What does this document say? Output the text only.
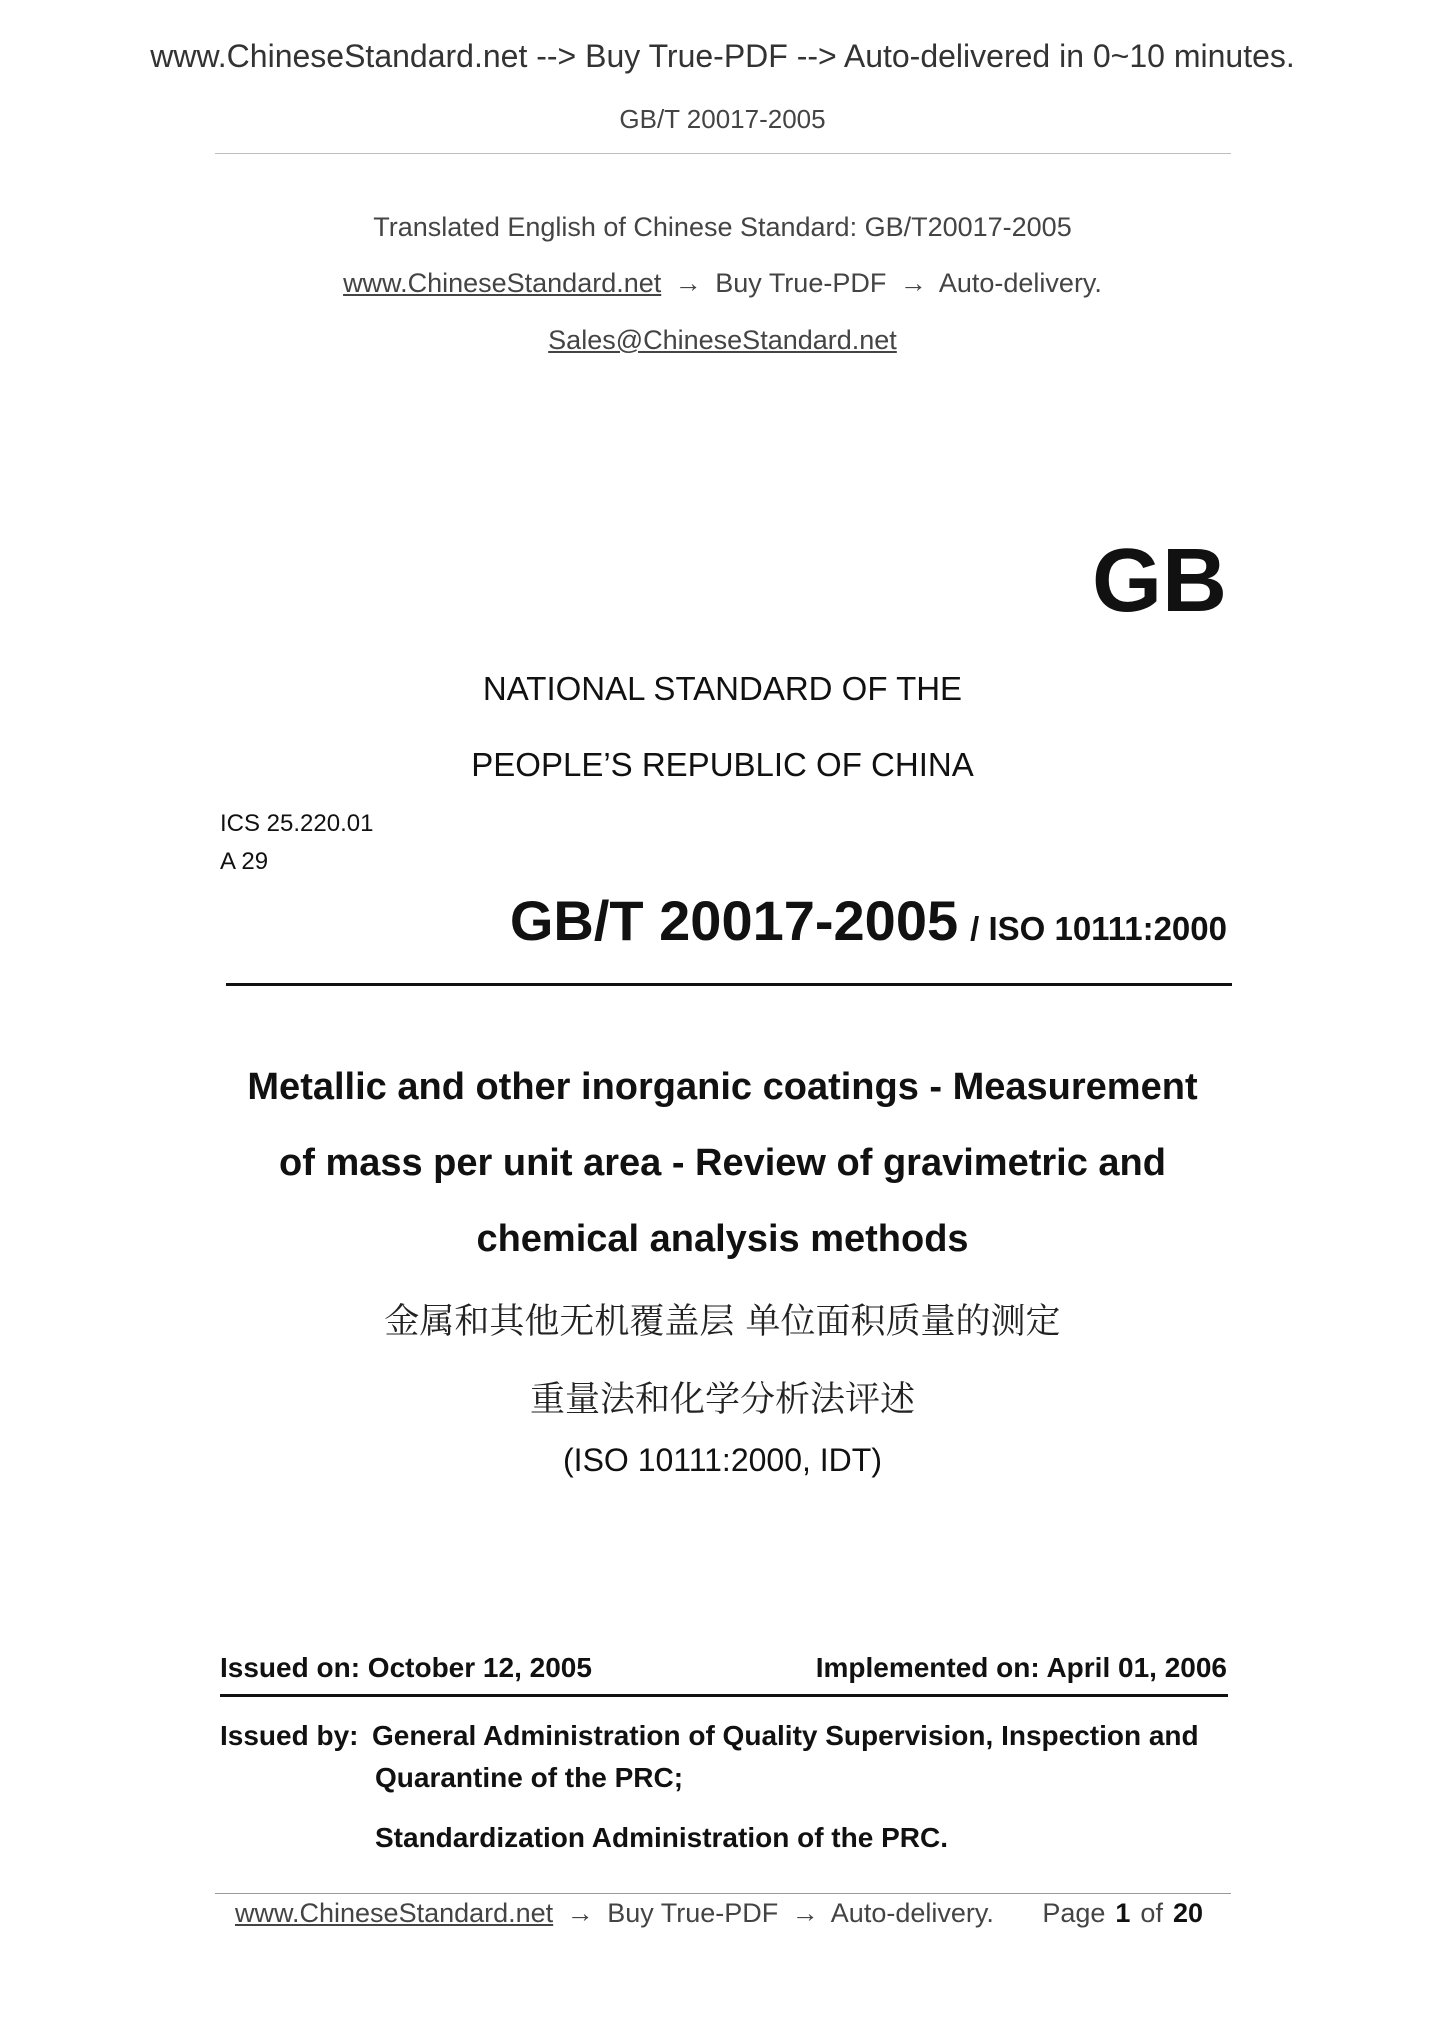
www.ChineseStandard.net --> Buy True-PDF --> Auto-delivered in 0~10 minutes.
GB/T 20017-2005
Translated English of Chinese Standard: GB/T20017-2005
www.ChineseStandard.net → Buy True-PDF → Auto-delivery.
Sales@ChineseStandard.net
GB
NATIONAL STANDARD OF THE
PEOPLE’S REPUBLIC OF CHINA
ICS 25.220.01
A 29
GB/T 20017-2005 / ISO 10111:2000
Metallic and other inorganic coatings - Measurement
of mass per unit area - Review of gravimetric and
chemical analysis methods
金属和其他无机覆盖层 单位面积质量的测定
重量法和化学分析法评述
(ISO 10111:2000, IDT)
Issued on: October 12, 2005	Implemented on: April 01, 2006
Issued by: General Administration of Quality Supervision, Inspection and
Quarantine of the PRC;
Standardization Administration of the PRC.
www.ChineseStandard.net → Buy True-PDF → Auto-delivery. Page 1 of 20
